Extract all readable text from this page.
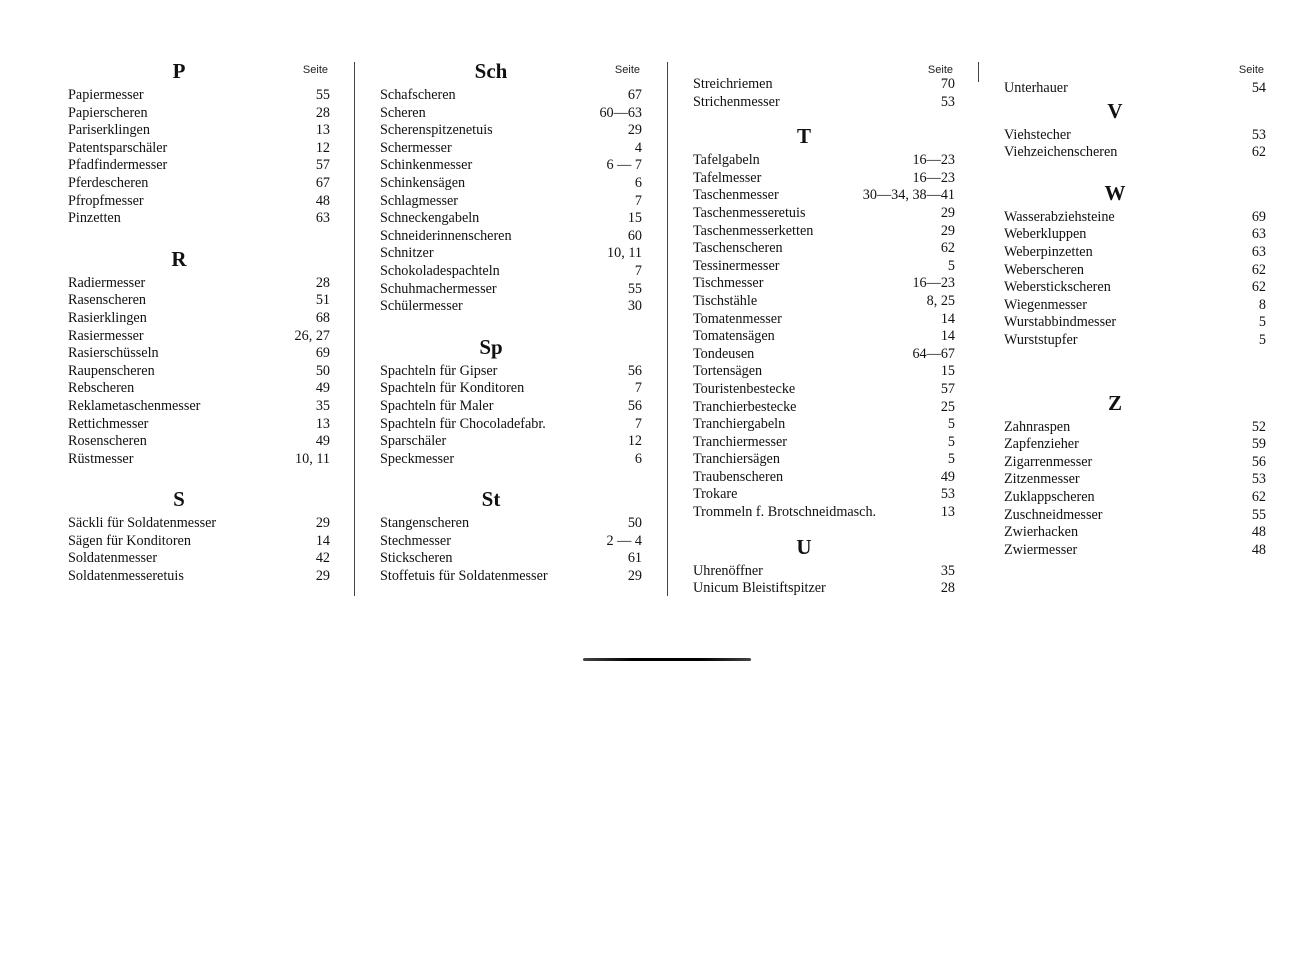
Seite
P
Papiermesser	55
Papierscheren	28
Pariserklingen	13
Patentsparschäler	12
Pfadfindermesser	57
Pferdescheren	67
Pfropfmesser	48
Pinzetten	63
R
Radiermesser	28
Rasenscheren	51
Rasierklingen	68
Rasiermesser	26, 27
Rasierschüsseln	69
Raupenscheren	50
Rebscheren	49
Reklametaschenmesser	35
Rettichmesser	13
Rosenscheren	49
Rüstmesser	10, 11
S
Säckli für Soldatenmesser	29
Sägen für Konditoren	14
Soldatenmesser	42
Soldatenmesseretuis	29
Seite
Sch
Schafscheren	67
Scheren	60—63
Scherenspitzenetuis	29
Schermesser	4
Schinkenmesser	6 — 7
Schinkensägen	6
Schlagmesser	7
Schneckengabeln	15
Schneiderinnenscheren	60
Schnitzer	10, 11
Schokoladespachteln	7
Schuhmachermesser	55
Schülermesser	30
Sp
Spachteln für Gipser	56
Spachteln für Konditoren	7
Spachteln für Maler	56
Spachteln für Chocoladefabr.	7
Sparschäler	12
Speckmesser	6
St
Stangenscheren	50
Stechmesser	2 — 4
Stickscheren	61
Stoffetuis für Soldatenmesser	29
Seite
Streichriemen	70
Strichenmesser	53
T
Tafelgabeln	16—23
Tafelmesser	16—23
Taschenmesser	30—34, 38—41
Taschenmesseretuis	29
Taschenmesserketten	29
Taschenscheren	62
Tessinermesser	5
Tischmesser	16—23
Tischstähle	8, 25
Tomatenmesser	14
Tomatensägen	14
Tondeusen	64—67
Tortensägen	15
Touristenbestecke	57
Tranchierbestecke	25
Tranchiergabeln	5
Tranchiermesser	5
Tranchiersägen	5
Traubenscheren	49
Trokare	53
Trommeln f. Brotschneidmasch.	13
U
Uhrenöffner	35
Unicum Bleistiftspitzer	28
Seite
Unterhauer	54
V
Viehstecher	53
Viehzeichenscheren	62
W
Wasserabziehsteine	69
Weberkluppen	63
Weberpinzetten	63
Weberscheren	62
Weberstickscheren	62
Wiegenmesser	8
Wurstabbindmesser	5
Wurststupfer	5
Z
Zahnraspen	52
Zapfenzieher	59
Zigarrenmesser	56
Zitzenmesser	53
Zuklappscheren	62
Zuschneidmesser	55
Zwierhacken	48
Zwiermesser	48
